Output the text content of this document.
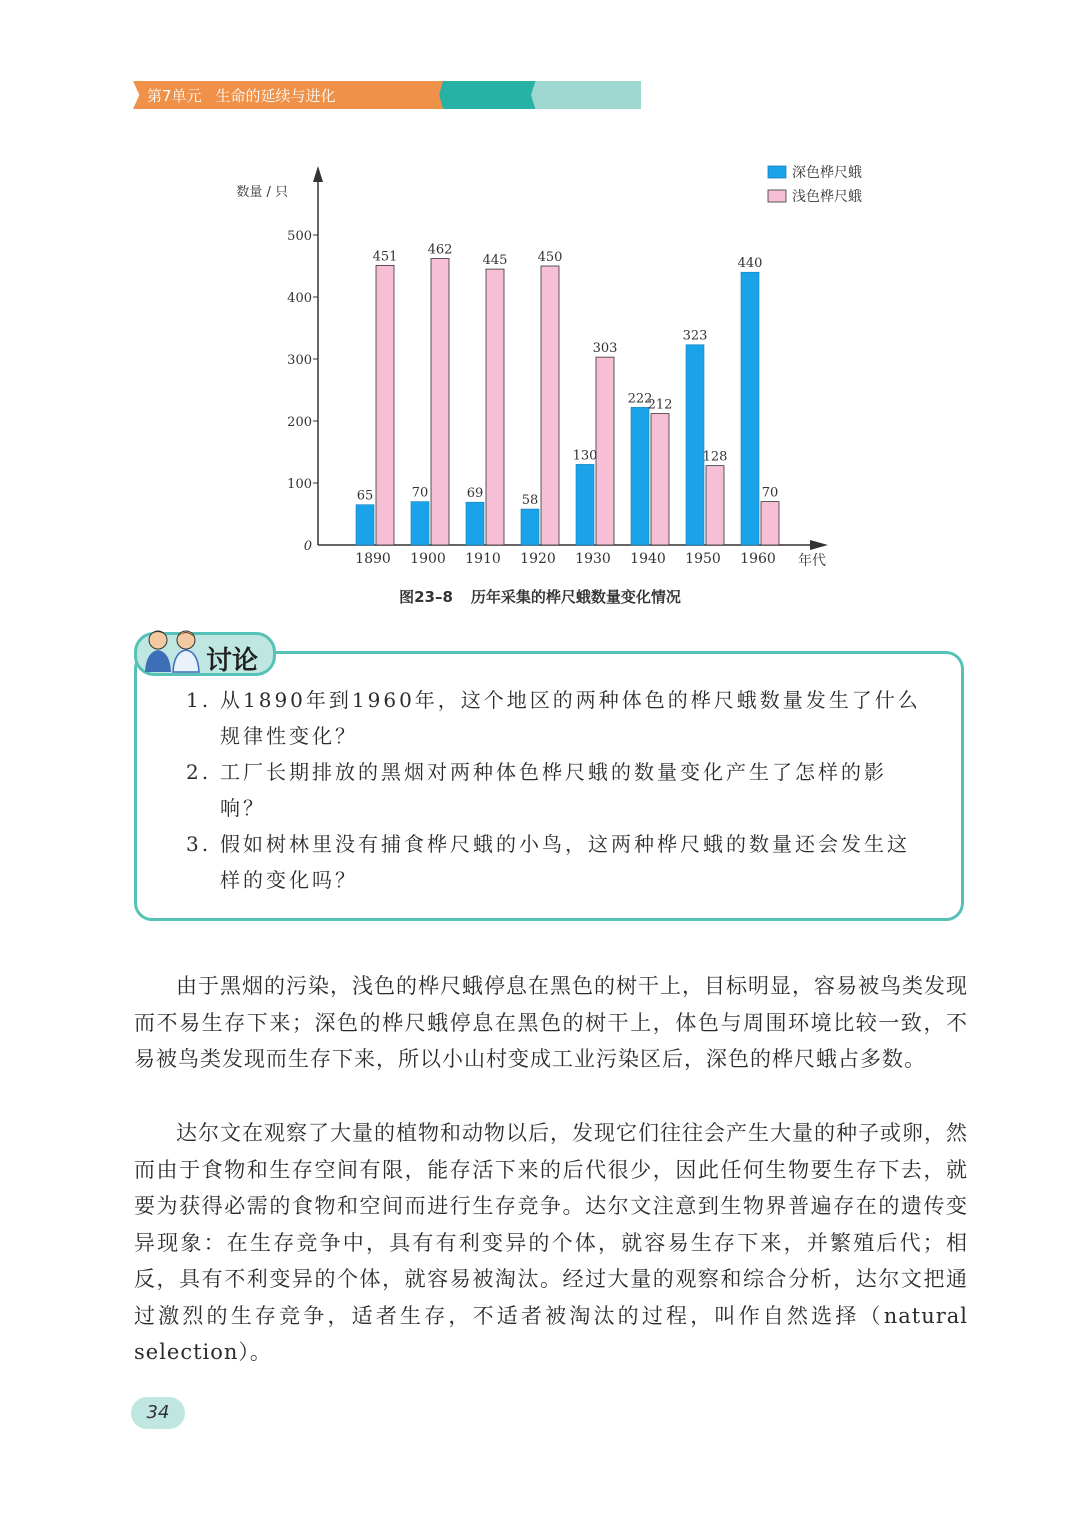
第7单元 生命的延续与进化
0
100
200
300
400
500
数量 / 只
年代
65
451
1890
70
462
1900
69
445
1910
58
450
1920
130
303
1930
222
212
1940
323
128
1950
440
70
1960
深色桦尺蛾
浅色桦尺蛾
图23–8 历年采集的桦尺蛾数量变化情况
讨论
1. 从1890年到1960年，这个地区的两种体色的桦尺蛾数量发生了什么规律性变化？
2. 工厂长期排放的黑烟对两种体色桦尺蛾的数量变化产生了怎样的影响？
3. 假如树林里没有捕食桦尺蛾的小鸟，这两种桦尺蛾的数量还会发生这样的变化吗？

由于黑烟的污染，浅色的桦尺蛾停息在黑色的树干上，目标明显，容易被鸟类发现而不易生存下来；深色的桦尺蛾停息在黑色的树干上，体色与周围环境比较一致，不易被鸟类发现而生存下来，所以小山村变成工业污染区后，深色的桦尺蛾占多数。

达尔文在观察了大量的植物和动物以后，发现它们往往会产生大量的种子或卵，然而由于食物和生存空间有限，能存活下来的后代很少，因此任何生物要生存下去，就要为获得必需的食物和空间而进行生存竞争。达尔文注意到生物界普遍存在的遗传变异现象：在生存竞争中，具有有利变异的个体，就容易生存下来，并繁殖后代；相反，具有不利变异的个体，就容易被淘汰。经过大量的观察和综合分析，达尔文把通过激烈的生存竞争，适者生存，不适者被淘汰的过程，叫作自然选择（natural selection）。

34
